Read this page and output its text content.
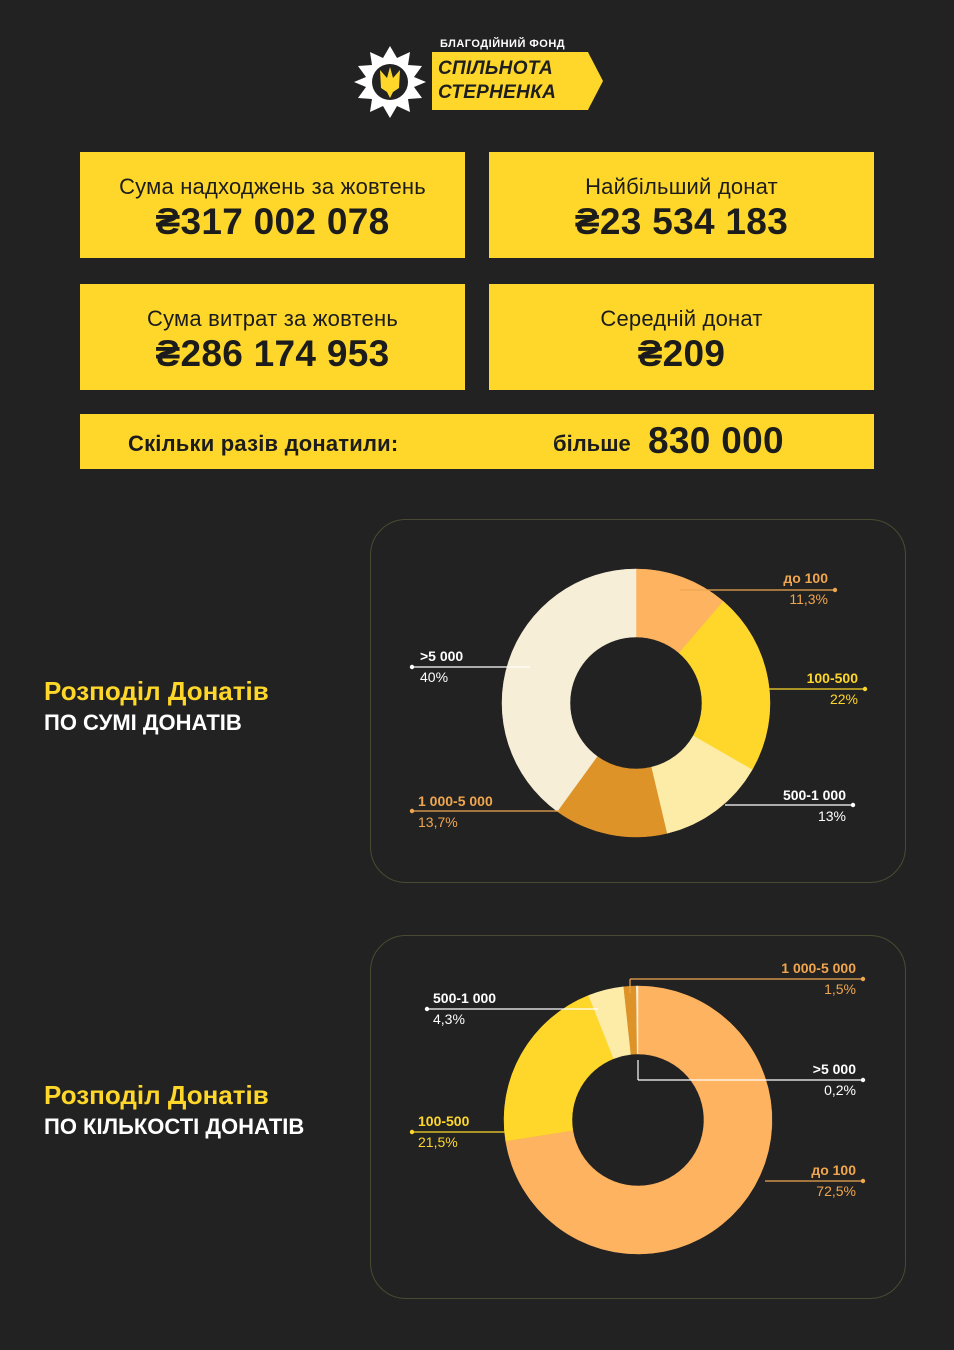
БЛАГОДІЙНИЙ ФОНД
СПІЛЬНОТА
СТЕРНЕНКА
Сума надходжень за жовтень
₴317 002 078
Найбільший донат
₴23 534 183
Сума витрат за жовтень
₴286 174 953
Середній донат
₴209
Скільки разів донатили:	більше 830 000
Розподіл Донатів
ПО СУМІ ДОНАТІВ
Розподіл Донатів
ПО КІЛЬКОСТІ ДОНАТІВ
до 100
11,3%
100-500
22%
500-1 000
13%
1 000-5 000
13,7%
>5 000
40%
до 100
72,5%
100-500
21,5%
500-1 000
4,3%
1 000-5 000
1,5%
>5 000
0,2%
